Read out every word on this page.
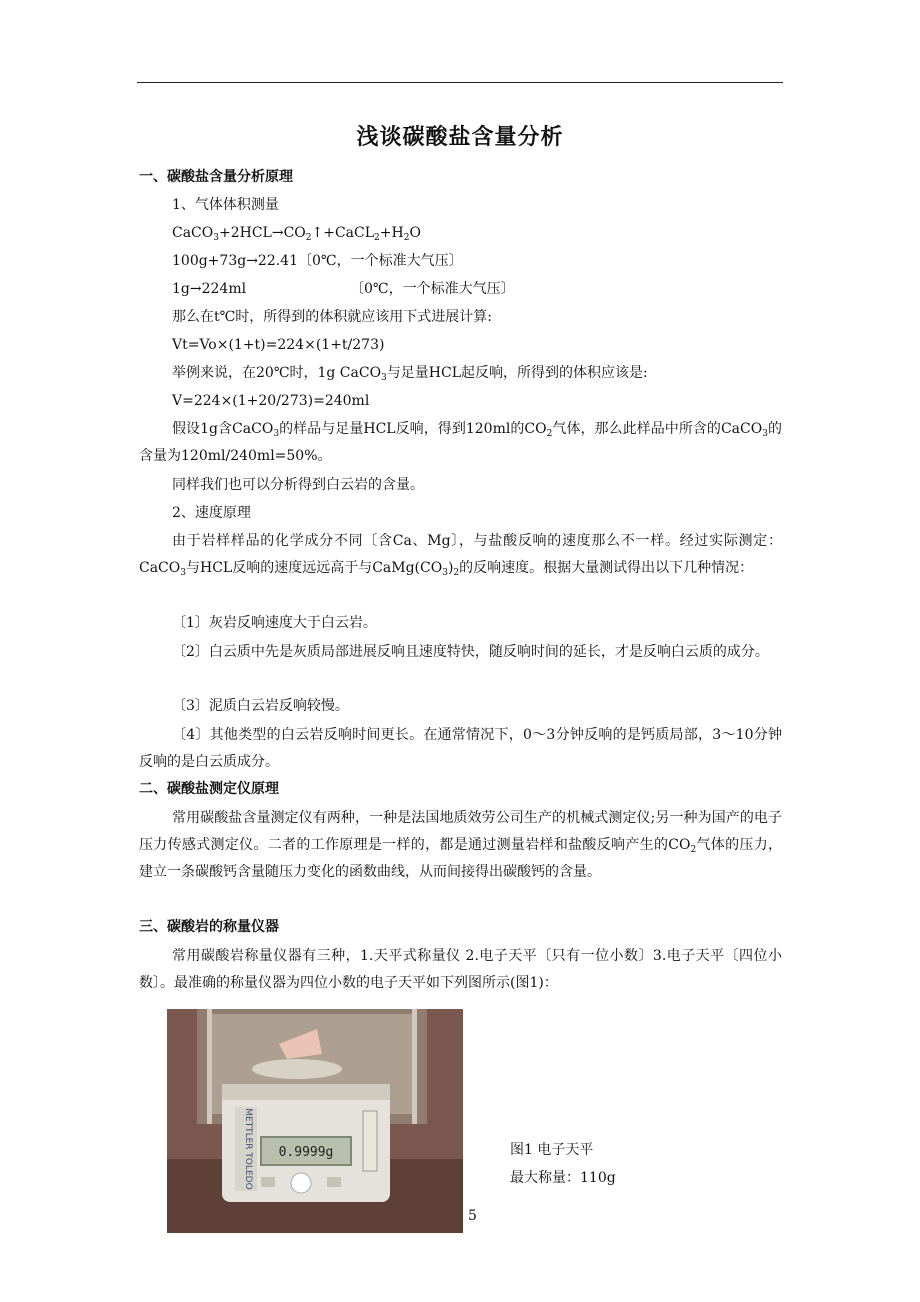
浅谈碳酸盐含量分析
一、碳酸盐含量分析原理
1、气体体积测量
$CaCO_3+2HCL\to CO_2↑+CaCL_2+H_2O$
100g+73g→22.41〔0℃，一个标准大气压〕
1g→224ml	〔0℃，一个标准大气压〕
那么在t℃时，所得到的体积就应该用下式进展计算:
Vt=Vo×(1+t)=224×(1+t/273)
举例来说，在20℃时，1g CaCO$_3$与足量HCL起反响，所得到的体积应该是:
V=224×(1+20/273)=240ml
假设1g含CaCO$_3$的样品与足量HCL反响，得到120ml的$CO_2$气体，那么此样品中所含的CaCO$_3$的含量为120ml/240ml=50%。
同样我们也可以分析得到白云岩的含量。
2、速度原理
由于岩样样品的化学成分不同〔含Ca、Mg〕，与盐酸反响的速度那么不一样。经过实际测定：CaCO$_3$与HCL反响的速度远远高于与$CaMg(CO_3)_2$的反响速度。根据大量测试得出以下几种情况：
〔1〕灰岩反响速度大于白云岩。
〔2〕白云质中先是灰质局部进展反响且速度特快，随反响时间的延长，才是反响白云质的成分。
〔3〕泥质白云岩反响较慢。
〔4〕其他类型的白云岩反响时间更长。在通常情况下，0～3分钟反响的是钙质局部，3～10分钟反响的是白云质成分。
二、碳酸盐测定仪原理
常用碳酸盐含量测定仪有两种，一种是法国地质效劳公司生产的机械式测定仪;另一种为国产的电子压力传感式测定仪。二者的工作原理是一样的，都是通过测量岩样和盐酸反响产生的$CO_2$气体的压力，建立一条碳酸钙含量随压力变化的函数曲线，从而间接得出碳酸钙的含量。
三、碳酸岩的称量仪器
常用碳酸岩称量仪器有三种，1.天平式称量仪 2.电子天平〔只有一位小数〕3.电子天平〔四位小数〕。最准确的称量仪器为四位小数的电子天平如下列图所示(图1)：
METTLER TOLEDO 0.9999g	图1 电子天平
最大称量：110g
5
